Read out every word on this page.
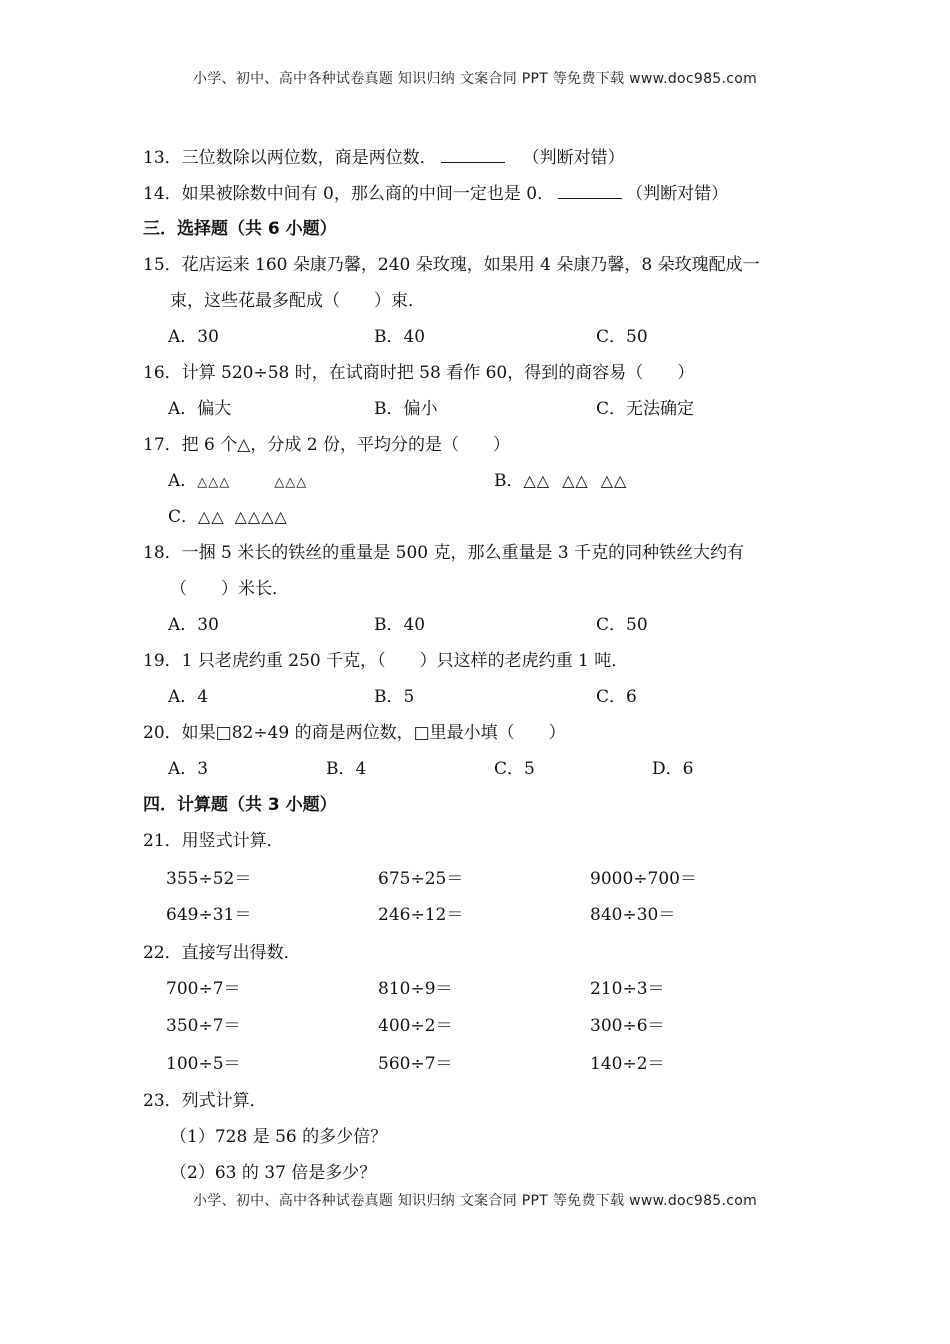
小学、初中、高中各种试卷真题 知识归纳 文案合同 PPT 等免费下载 www.doc985.com
13．三位数除以两位数，商是两位数．	（判断对错）
14．如果被除数中间有 0，那么商的中间一定也是 0．	（判断对错）
三．选择题（共 6 小题）
15．花店运来 160 朵康乃馨，240 朵玫瑰，如果用 4 朵康乃馨，8 朵玫瑰配成一
束，这些花最多配成（　　）束．
A．30	B．40	C．50
16．计算 520÷58 时，在试商时把 58 看作 60，得到的商容易（　　）
A．偏大	B．偏小	C．无法确定
17．把 6 个△，分成 2 份，平均分的是（　　）
A．△△△	△△△	B．△△ △△ △△
C．△△ △△△△
18．一捆 5 米长的铁丝的重量是 500 克，那么重量是 3 千克的同种铁丝大约有
（　　）米长．
A．30	B．40	C．50
19．1 只老虎约重 250 千克，（　　）只这样的老虎约重 1 吨．
A．4	B．5	C．6
20．如果□82÷49 的商是两位数，□里最小填（　　）
A．3	B．4	C．5	D．6
四．计算题（共 3 小题）
21．用竖式计算．
355÷52＝	675÷25＝	9000÷700＝
649÷31＝	246÷12＝	840÷30＝
22．直接写出得数．
700÷7＝	810÷9＝	210÷3＝
350÷7＝	400÷2＝	300÷6＝
100÷5＝	560÷7＝	140÷2＝
23．列式计算．
（1）728 是 56 的多少倍？
（2）63 的 37 倍是多少？
小学、初中、高中各种试卷真题 知识归纳 文案合同 PPT 等免费下载 www.doc985.com
